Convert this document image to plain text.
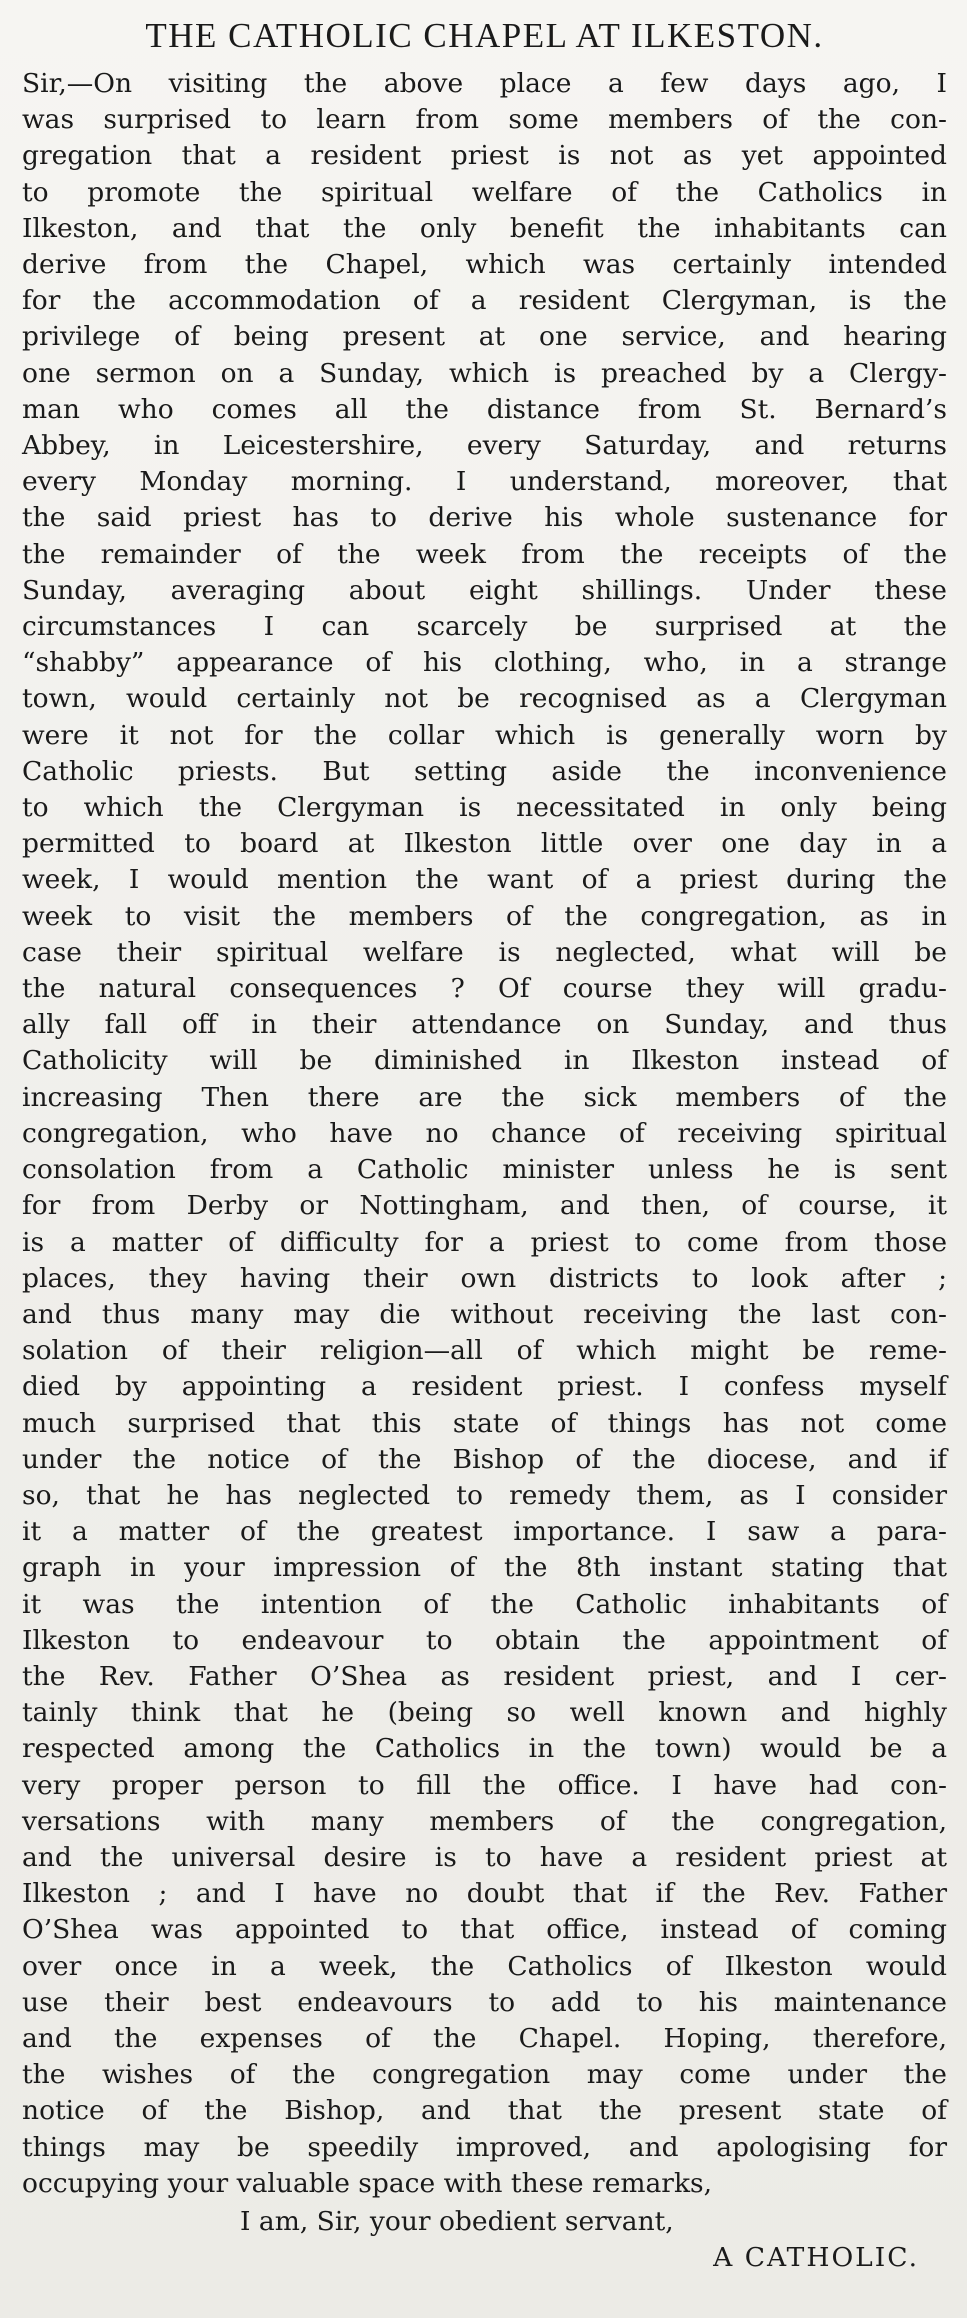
THE CATHOLIC CHAPEL AT ILKESTON.
Sir,—On visiting the above place a few days ago, I
was surprised to learn from some members of the con-
gregation that a resident priest is not as yet appointed
to promote the spiritual welfare of the Catholics in
Ilkeston, and that the only benefit the inhabitants can
derive from the Chapel, which was certainly intended
for the accommodation of a resident Clergyman, is the
privilege of being present at one service, and hearing
one sermon on a Sunday, which is preached by a Clergy-
man who comes all the distance from St. Bernard’s
Abbey, in Leicestershire, every Saturday, and returns
every Monday morning. I understand, moreover, that
the said priest has to derive his whole sustenance for
the remainder of the week from the receipts of the
Sunday, averaging about eight shillings. Under these
circumstances I can scarcely be surprised at the
“shabby” appearance of his clothing, who, in a strange
town, would certainly not be recognised as a Clergyman
were it not for the collar which is generally worn by
Catholic priests. But setting aside the inconvenience
to which the Clergyman is necessitated in only being
permitted to board at Ilkeston little over one day in a
week, I would mention the want of a priest during the
week to visit the members of the congregation, as in
case their spiritual welfare is neglected, what will be
the natural consequences ? Of course they will gradu-
ally fall off in their attendance on Sunday, and thus
Catholicity will be diminished in Ilkeston instead of
increasing Then there are the sick members of the
congregation, who have no chance of receiving spiritual
consolation from a Catholic minister unless he is sent
for from Derby or Nottingham, and then, of course, it
is a matter of difficulty for a priest to come from those
places, they having their own districts to look after ;
and thus many may die without receiving the last con-
solation of their religion—all of which might be reme-
died by appointing a resident priest. I confess myself
much surprised that this state of things has not come
under the notice of the Bishop of the diocese, and if
so, that he has neglected to remedy them, as I consider
it a matter of the greatest importance. I saw a para-
graph in your impression of the 8th instant stating that
it was the intention of the Catholic inhabitants of
Ilkeston to endeavour to obtain the appointment of
the Rev. Father O’Shea as resident priest, and I cer-
tainly think that he (being so well known and highly
respected among the Catholics in the town) would be a
very proper person to fill the office. I have had con-
versations with many members of the congregation,
and the universal desire is to have a resident priest at
Ilkeston ; and I have no doubt that if the Rev. Father
O’Shea was appointed to that office, instead of coming
over once in a week, the Catholics of Ilkeston would
use their best endeavours to add to his maintenance
and the expenses of the Chapel. Hoping, therefore,
the wishes of the congregation may come under the
notice of the Bishop, and that the present state of
things may be speedily improved, and apologising for
occupying your valuable space with these remarks,
I am, Sir, your obedient servant,
A CATHOLIC.
